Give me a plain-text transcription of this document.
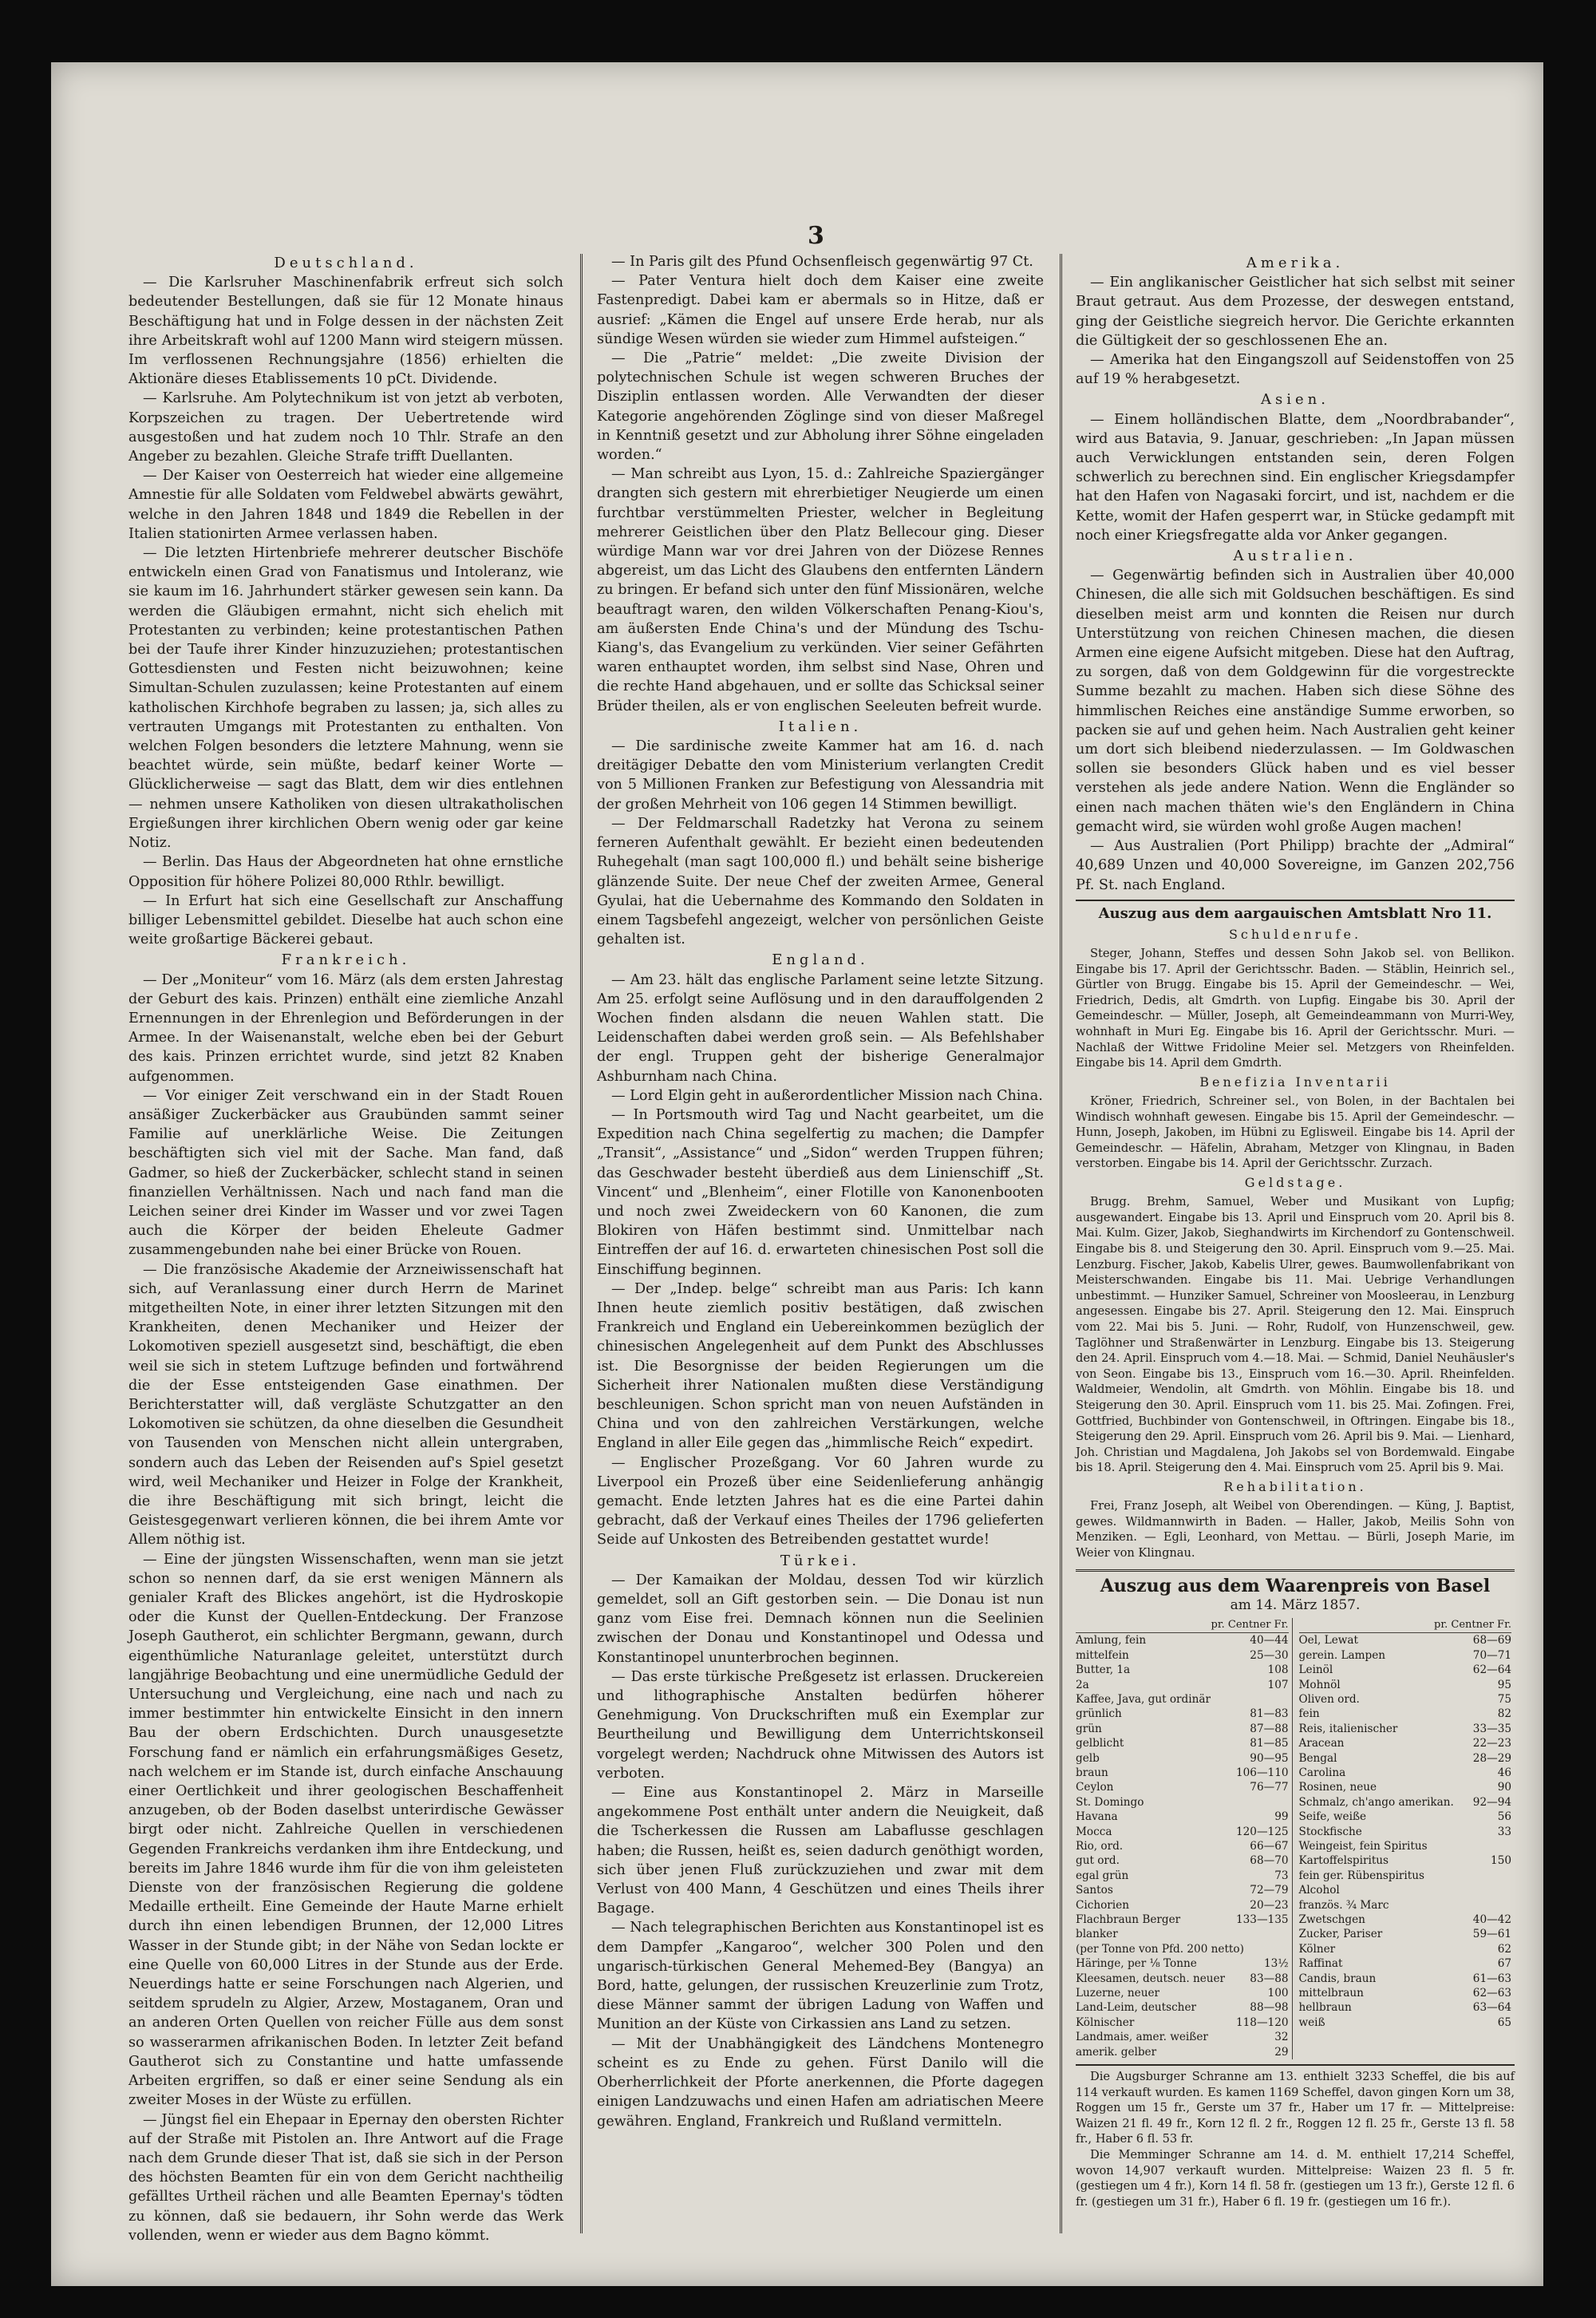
3
Deutschland.

— Die Karlsruher Maschinenfabrik erfreut sich solch bedeutender Bestellungen, daß sie für 12 Monate hinaus Beschäftigung hat und in Folge dessen in der nächsten Zeit ihre Arbeitskraft wohl auf 1200 Mann wird steigern müssen. Im verflossenen Rechnungsjahre (1856) erhielten die Aktionäre dieses Etablissements 10 pCt. Dividende.

— Karlsruhe. Am Polytechnikum ist von jetzt ab verboten, Korpszeichen zu tragen. Der Uebertretende wird ausgestoßen und hat zudem noch 10 Thlr. Strafe an den Angeber zu bezahlen. Gleiche Strafe trifft Duellanten.

— Der Kaiser von Oesterreich hat wieder eine allgemeine Amnestie für alle Soldaten vom Feldwebel abwärts gewährt, welche in den Jahren 1848 und 1849 die Rebellen in der Italien stationirten Armee verlassen haben.

— Die letzten Hirtenbriefe mehrerer deutscher Bischöfe entwickeln einen Grad von Fanatismus und Intoleranz, wie sie kaum im 16. Jahrhundert stärker gewesen sein kann. Da werden die Gläubigen ermahnt, nicht sich ehelich mit Protestanten zu verbinden; keine protestantischen Pathen bei der Taufe ihrer Kinder hinzuzuziehen; protestantischen Gottesdiensten und Festen nicht beizuwohnen; keine Simultan-Schulen zuzulassen; keine Protestanten auf einem katholischen Kirchhofe begraben zu lassen; ja, sich alles zu vertrauten Umgangs mit Protestanten zu enthalten. Von welchen Folgen besonders die letztere Mahnung, wenn sie beachtet würde, sein müßte, bedarf keiner Worte — Glücklicherweise — sagt das Blatt, dem wir dies entlehnen — nehmen unsere Katholiken von diesen ultrakatholischen Ergießungen ihrer kirchlichen Obern wenig oder gar keine Notiz.

— Berlin. Das Haus der Abgeordneten hat ohne ernstliche Opposition für höhere Polizei 80,000 Rthlr. bewilligt.

— In Erfurt hat sich eine Gesellschaft zur Anschaffung billiger Lebensmittel gebildet. Dieselbe hat auch schon eine weite großartige Bäckerei gebaut.

Frankreich.

— Der „Moniteur“ vom 16. März (als dem ersten Jahrestag der Geburt des kais. Prinzen) enthält eine ziemliche Anzahl Ernennungen in der Ehrenlegion und Beförderungen in der Armee. In der Waisenanstalt, welche eben bei der Geburt des kais. Prinzen errichtet wurde, sind jetzt 82 Knaben aufgenommen.

— Vor einiger Zeit verschwand ein in der Stadt Rouen ansäßiger Zuckerbäcker aus Graubünden sammt seiner Familie auf unerklärliche Weise. Die Zeitungen beschäftigten sich viel mit der Sache. Man fand, daß Gadmer, so hieß der Zuckerbäcker, schlecht stand in seinen finanziellen Verhältnissen. Nach und nach fand man die Leichen seiner drei Kinder im Wasser und vor zwei Tagen auch die Körper der beiden Eheleute Gadmer zusammengebunden nahe bei einer Brücke von Rouen.

— Die französische Akademie der Arzneiwissenschaft hat sich, auf Veranlassung einer durch Herrn de Marinet mitgetheilten Note, in einer ihrer letzten Sitzungen mit den Krankheiten, denen Mechaniker und Heizer der Lokomotiven speziell ausgesetzt sind, beschäftigt, die eben weil sie sich in stetem Luftzuge befinden und fortwährend die der Esse entsteigenden Gase einathmen. Der Berichterstatter will, daß vergläste Schutzgatter an den Lokomotiven sie schützen, da ohne dieselben die Gesundheit von Tausenden von Menschen nicht allein untergraben, sondern auch das Leben der Reisenden auf's Spiel gesetzt wird, weil Mechaniker und Heizer in Folge der Krankheit, die ihre Beschäftigung mit sich bringt, leicht die Geistesgegenwart verlieren können, die bei ihrem Amte vor Allem nöthig ist.

— Eine der jüngsten Wissenschaften, wenn man sie jetzt schon so nennen darf, da sie erst wenigen Männern als genialer Kraft des Blickes angehört, ist die Hydroskopie oder die Kunst der Quellen-Entdeckung. Der Franzose Joseph Gautherot, ein schlichter Bergmann, gewann, durch eigenthümliche Naturanlage geleitet, unterstützt durch langjährige Beobachtung und eine unermüdliche Geduld der Untersuchung und Vergleichung, eine nach und nach zu immer bestimmter hin entwickelte Einsicht in den innern Bau der obern Erdschichten. Durch unausgesetzte Forschung fand er nämlich ein erfahrungsmäßiges Gesetz, nach welchem er im Stande ist, durch einfache Anschauung einer Oertlichkeit und ihrer geologischen Beschaffenheit anzugeben, ob der Boden daselbst unterirdische Gewässer birgt oder nicht. Zahlreiche Quellen in verschiedenen Gegenden Frankreichs verdanken ihm ihre Entdeckung, und bereits im Jahre 1846 wurde ihm für die von ihm geleisteten Dienste von der französischen Regierung die goldene Medaille ertheilt. Eine Gemeinde der Haute Marne erhielt durch ihn einen lebendigen Brunnen, der 12,000 Litres Wasser in der Stunde gibt; in der Nähe von Sedan lockte er eine Quelle von 60,000 Litres in der Stunde aus der Erde. Neuerdings hatte er seine Forschungen nach Algerien, und seitdem sprudeln zu Algier, Arzew, Mostaganem, Oran und an anderen Orten Quellen von reicher Fülle aus dem sonst so wasserarmen afrikanischen Boden. In letzter Zeit befand Gautherot sich zu Constantine und hatte umfassende Arbeiten ergriffen, so daß er einer seine Sendung als ein zweiter Moses in der Wüste zu erfüllen.

— Jüngst fiel ein Ehepaar in Epernay den obersten Richter auf der Straße mit Pistolen an. Ihre Antwort auf die Frage nach dem Grunde dieser That ist, daß sie sich in der Person des höchsten Beamten für ein von dem Gericht nachtheilig gefälltes Urtheil rächen und alle Beamten Epernay's tödten zu können, daß sie bedauern, ihr Sohn werde das Werk vollenden, wenn er wieder aus dem Bagno kömmt.

— In Paris gilt des Pfund Ochsenfleisch gegenwärtig 97 Ct.

— Pater Ventura hielt doch dem Kaiser eine zweite Fastenpredigt. Dabei kam er abermals so in Hitze, daß er ausrief: „Kämen die Engel auf unsere Erde herab, nur als sündige Wesen würden sie wieder zum Himmel aufsteigen.“

— Die „Patrie“ meldet: „Die zweite Division der polytechnischen Schule ist wegen schweren Bruches der Disziplin entlassen worden. Alle Verwandten der dieser Kategorie angehörenden Zöglinge sind von dieser Maßregel in Kenntniß gesetzt und zur Abholung ihrer Söhne eingeladen worden.“

— Man schreibt aus Lyon, 15. d.: Zahlreiche Spaziergänger drangten sich gestern mit ehrerbietiger Neugierde um einen furchtbar verstümmelten Priester, welcher in Begleitung mehrerer Geistlichen über den Platz Bellecour ging. Dieser würdige Mann war vor drei Jahren von der Diözese Rennes abgereist, um das Licht des Glaubens den entfernten Ländern zu bringen. Er befand sich unter den fünf Missionären, welche beauftragt waren, den wilden Völkerschaften Penang-Kiou's, am äußersten Ende China's und der Mündung des Tschu-Kiang's, das Evangelium zu verkünden. Vier seiner Gefährten waren enthauptet worden, ihm selbst sind Nase, Ohren und die rechte Hand abgehauen, und er sollte das Schicksal seiner Brüder theilen, als er von englischen Seeleuten befreit wurde.

Italien.

— Die sardinische zweite Kammer hat am 16. d. nach dreitägiger Debatte den vom Ministerium verlangten Credit von 5 Millionen Franken zur Befestigung von Alessandria mit der großen Mehrheit von 106 gegen 14 Stimmen bewilligt.

— Der Feldmarschall Radetzky hat Verona zu seinem ferneren Aufenthalt gewählt. Er bezieht einen bedeutenden Ruhegehalt (man sagt 100,000 fl.) und behält seine bisherige glänzende Suite. Der neue Chef der zweiten Armee, General Gyulai, hat die Uebernahme des Kommando den Soldaten in einem Tagsbefehl angezeigt, welcher von persönlichen Geiste gehalten ist.

England.

— Am 23. hält das englische Parlament seine letzte Sitzung. Am 25. erfolgt seine Auflösung und in den darauffolgenden 2 Wochen finden alsdann die neuen Wahlen statt. Die Leidenschaften dabei werden groß sein. — Als Befehlshaber der engl. Truppen geht der bisherige Generalmajor Ashburnham nach China.

— Lord Elgin geht in außerordentlicher Mission nach China.

— In Portsmouth wird Tag und Nacht gearbeitet, um die Expedition nach China segelfertig zu machen; die Dampfer „Transit“, „Assistance“ und „Sidon“ werden Truppen führen; das Geschwader besteht überdieß aus dem Linienschiff „St. Vincent“ und „Blenheim“, einer Flotille von Kanonenbooten und noch zwei Zweideckern von 60 Kanonen, die zum Blokiren von Häfen bestimmt sind. Unmittelbar nach Eintreffen der auf 16. d. erwarteten chinesischen Post soll die Einschiffung beginnen.

— Der „Indep. belge“ schreibt man aus Paris: Ich kann Ihnen heute ziemlich positiv bestätigen, daß zwischen Frankreich und England ein Uebereinkommen bezüglich der chinesischen Angelegenheit auf dem Punkt des Abschlusses ist. Die Besorgnisse der beiden Regierungen um die Sicherheit ihrer Nationalen mußten diese Verständigung beschleunigen. Schon spricht man von neuen Aufständen in China und von den zahlreichen Verstärkungen, welche England in aller Eile gegen das „himmlische Reich“ expedirt.

— Englischer Prozeßgang. Vor 60 Jahren wurde zu Liverpool ein Prozeß über eine Seidenlieferung anhängig gemacht. Ende letzten Jahres hat es die eine Partei dahin gebracht, daß der Verkauf eines Theiles der 1796 gelieferten Seide auf Unkosten des Betreibenden gestattet wurde!

Türkei.

— Der Kamaikan der Moldau, dessen Tod wir kürzlich gemeldet, soll an Gift gestorben sein. — Die Donau ist nun ganz vom Eise frei. Demnach können nun die Seelinien zwischen der Donau und Konstantinopel und Odessa und Konstantinopel ununterbrochen beginnen.

— Das erste türkische Preßgesetz ist erlassen. Druckereien und lithographische Anstalten bedürfen höherer Genehmigung. Von Druckschriften muß ein Exemplar zur Beurtheilung und Bewilligung dem Unterrichtskonseil vorgelegt werden; Nachdruck ohne Mitwissen des Autors ist verboten.

— Eine aus Konstantinopel 2. März in Marseille angekommene Post enthält unter andern die Neuigkeit, daß die Tscherkessen die Russen am Labaflusse geschlagen haben; die Russen, heißt es, seien dadurch genöthigt worden, sich über jenen Fluß zurückzuziehen und zwar mit dem Verlust von 400 Mann, 4 Geschützen und eines Theils ihrer Bagage.

— Nach telegraphischen Berichten aus Konstantinopel ist es dem Dampfer „Kangaroo“, welcher 300 Polen und den ungarisch-türkischen General Mehemed-Bey (Bangya) an Bord, hatte, gelungen, der russischen Kreuzerlinie zum Trotz, diese Männer sammt der übrigen Ladung von Waffen und Munition an der Küste von Cirkassien ans Land zu setzen.

— Mit der Unabhängigkeit des Ländchens Montenegro scheint es zu Ende zu gehen. Fürst Danilo will die Oberherrlichkeit der Pforte anerkennen, die Pforte dagegen einigen Landzuwachs und einen Hafen am adriatischen Meere gewähren. England, Frankreich und Rußland vermitteln.

Amerika.

— Ein anglikanischer Geistlicher hat sich selbst mit seiner Braut getraut. Aus dem Prozesse, der deswegen entstand, ging der Geistliche siegreich hervor. Die Gerichte erkannten die Gültigkeit der so geschlossenen Ehe an.

— Amerika hat den Eingangszoll auf Seidenstoffen von 25 auf 19 % herabgesetzt.

Asien.

— Einem holländischen Blatte, dem „Noordbrabander“, wird aus Batavia, 9. Januar, geschrieben: „In Japan müssen auch Verwicklungen entstanden sein, deren Folgen schwerlich zu berechnen sind. Ein englischer Kriegsdampfer hat den Hafen von Nagasaki forcirt, und ist, nachdem er die Kette, womit der Hafen gesperrt war, in Stücke gedampft mit noch einer Kriegsfregatte alda vor Anker gegangen.

Australien.

— Gegenwärtig befinden sich in Australien über 40,000 Chinesen, die alle sich mit Goldsuchen beschäftigen. Es sind dieselben meist arm und konnten die Reisen nur durch Unterstützung von reichen Chinesen machen, die diesen Armen eine eigene Aufsicht mitgeben. Diese hat den Auftrag, zu sorgen, daß von dem Goldgewinn für die vorgestreckte Summe bezahlt zu machen. Haben sich diese Söhne des himmlischen Reiches eine anständige Summe erworben, so packen sie auf und gehen heim. Nach Australien geht keiner um dort sich bleibend niederzulassen. — Im Goldwaschen sollen sie besonders Glück haben und es viel besser verstehen als jede andere Nation. Wenn die Engländer so einen nach machen thäten wie's den Engländern in China gemacht wird, sie würden wohl große Augen machen!

— Aus Australien (Port Philipp) brachte der „Admiral“ 40,689 Unzen und 40,000 Sovereigne, im Ganzen 202,756 Pf. St. nach England.

Auszug aus dem aargauischen Amtsblatt Nro 11.
Schuldenrufe.

Steger, Johann, Steffes und dessen Sohn Jakob sel. von Bellikon. Eingabe bis 17. April der Gerichtsschr. Baden. — Stäblin, Heinrich sel., Gürtler von Brugg. Eingabe bis 15. April der Gemeindeschr. — Wei, Friedrich, Dedis, alt Gmdrth. von Lupfig. Eingabe bis 30. April der Gemeindeschr. — Müller, Joseph, alt Gemeindeammann von Murri-Wey, wohnhaft in Muri Eg. Eingabe bis 16. April der Gerichtsschr. Muri. — Nachlaß der Wittwe Fridoline Meier sel. Metzgers von Rheinfelden. Eingabe bis 14. April dem Gmdrth.

Benefizia Inventarii

Kröner, Friedrich, Schreiner sel., von Bolen, in der Bachtalen bei Windisch wohnhaft gewesen. Eingabe bis 15. April der Gemeindeschr. — Hunn, Joseph, Jakoben, im Hübni zu Eglisweil. Eingabe bis 14. April der Gemeindeschr. — Häfelin, Abraham, Metzger von Klingnau, in Baden verstorben. Eingabe bis 14. April der Gerichtsschr. Zurzach.

Geldstage.

Brugg. Brehm, Samuel, Weber und Musikant von Lupfig; ausgewandert. Eingabe bis 13. April und Einspruch vom 20. April bis 8. Mai. Kulm. Gizer, Jakob, Sieghandwirts im Kirchendorf zu Gontenschweil. Eingabe bis 8. und Steigerung den 30. April. Einspruch vom 9.—25. Mai. Lenzburg. Fischer, Jakob, Kabelis Ulrer, gewes. Baumwollenfabrikant von Meisterschwanden. Eingabe bis 11. Mai. Uebrige Verhandlungen unbestimmt. — Hunziker Samuel, Schreiner von Moosleerau, in Lenzburg angesessen. Eingabe bis 27. April. Steigerung den 12. Mai. Einspruch vom 22. Mai bis 5. Juni. — Rohr, Rudolf, von Hunzenschweil, gew. Taglöhner und Straßenwärter in Lenzburg. Eingabe bis 13. Steigerung den 24. April. Einspruch vom 4.—18. Mai. — Schmid, Daniel Neuhäusler's von Seon. Eingabe bis 13., Einspruch vom 16.—30. April. Rheinfelden. Waldmeier, Wendolin, alt Gmdrth. von Möhlin. Eingabe bis 18. und Steigerung den 30. April. Einspruch vom 11. bis 25. Mai. Zofingen. Frei, Gottfried, Buchbinder von Gontenschweil, in Oftringen. Eingabe bis 18., Steigerung den 29. April. Einspruch vom 26. April bis 9. Mai. — Lienhard, Joh. Christian und Magdalena, Joh Jakobs sel von Bordemwald. Eingabe bis 18. April. Steigerung den 4. Mai. Einspruch vom 25. April bis 9. Mai.

Rehabilitation.

Frei, Franz Joseph, alt Weibel von Oberendingen. — Küng, J. Baptist, gewes. Wildmannwirth in Baden. — Haller, Jakob, Meilis Sohn von Menziken. — Egli, Leonhard, von Mettau. — Bürli, Joseph Marie, im Weier von Klingnau.

Auszug aus dem Waarenpreis von Basel
am 14. März 1857.
pr. Centner Fr.
Amlung, fein	40—44
mittelfein	25—30
Butter, 1a	108
2a	107
Kaffee, Java, gut ordinär
grünlich	81—83
grün	87—88
gelblicht	81—85
gelb	90—95
braun	106—110
Ceylon	76—77
St. Domingo
Havana	99
Mocca	120—125
Rio, ord.	66—67
gut ord.	68—70
egal grün	73
Santos	72—79
Cichorien	20—23
Flachbraun Berger	133—135
blanker
(per Tonne von Pfd. 200 netto)
Häringe, per ⅛ Tonne	13½
Kleesamen, deutsch. neuer 83—88
Luzerne, neuer	100
Land-Leim, deutscher	88—98
Kölnischer	118—120
Landmais, amer. weißer	32
amerik. gelber	29
pr. Centner Fr.
Oel, Lewat	68—69
gerein. Lampen	70—71
Leinöl	62—64
Mohnöl	95
Oliven ord.	75
fein	82
Reis, italienischer	33—35
Aracean	22—23
Bengal	28—29
Carolina	46
Rosinen, neue	90
Schmalz, ch'ango amerikan. 92—94
Seife, weiße	56
Stockfische	33
Weingeist, fein Spiritus
Kartoffelspiritus	150
fein ger. Rübenspiritus
Alcohol
französ. ¾ Marc
Zwetschgen	40—42
Zucker, Pariser	59—61
Kölner	62
Raffinat	67
Candis, braun	61—63
mittelbraun	62—63
hellbraun	63—64
weiß	65

Die Augsburger Schranne am 13. enthielt 3233 Scheffel, die bis auf 114 verkauft wurden. Es kamen 1169 Scheffel, davon gingen Korn um 38, Roggen um 15 fr., Gerste um 37 fr., Haber um 17 fr. — Mittelpreise: Waizen 21 fl. 49 fr., Korn 12 fl. 2 fr., Roggen 12 fl. 25 fr., Gerste 13 fl. 58 fr., Haber 6 fl. 53 fr.

Die Memminger Schranne am 14. d. M. enthielt 17,214 Scheffel, wovon 14,907 verkauft wurden. Mittelpreise: Waizen 23 fl. 5 fr. (gestiegen um 4 fr.), Korn 14 fl. 58 fr. (gestiegen um 13 fr.), Gerste 12 fl. 6 fr. (gestiegen um 31 fr.), Haber 6 fl. 19 fr. (gestiegen um 16 fr.).
